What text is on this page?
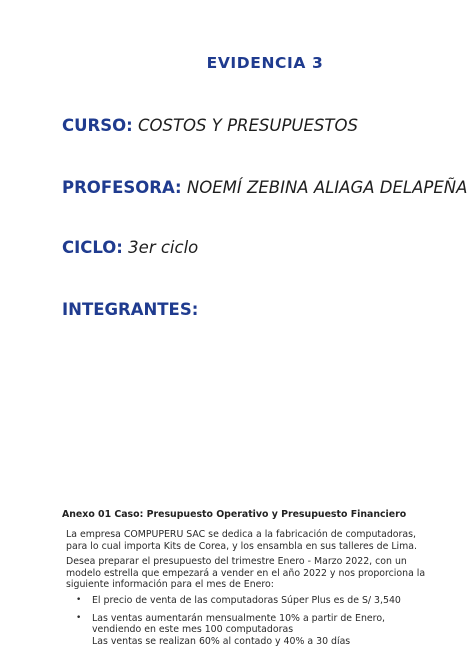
EVIDENCIA 3
CURSO: COSTOS Y PRESUPUESTOS
PROFESORA: NOEMÍ ZEBINA ALIAGA DELAPEÑA
CICLO: 3er ciclo
INTEGRANTES:
Anexo 01 Caso: Presupuesto Operativo y Presupuesto Financiero
La empresa COMPUPERU SAC se dedica a la fabricación de computadoras,
para lo cual importa Kits de Corea, y los ensambla en sus talleres de Lima.
Desea preparar el presupuesto del trimestre Enero - Marzo 2022, con un
modelo estrella que empezará a vender en el año 2022 y nos proporciona la
siguiente información para el mes de Enero:
• El precio de venta de las computadoras Súper Plus es de S/ 3,540
• Las ventas aumentarán mensualmente 10% a partir de Enero,
vendiendo en este mes 100 computadoras
Las ventas se realizan 60% al contado y 40% a 30 días
